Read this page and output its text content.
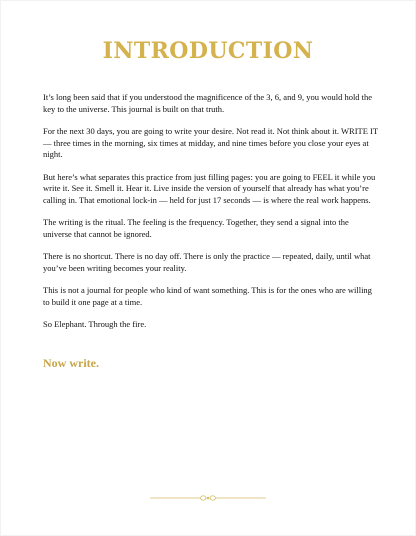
INTRODUCTION

It’s long been said that if you understood the magnificence of the 3, 6, and 9, you would hold the key to the universe. This journal is built on that truth.

For the next 30 days, you are going to write your desire. Not read it. Not think about it. WRITE IT — three times in the morning, six times at midday, and nine times before you close your eyes at night.

But here’s what separates this practice from just filling pages: you are going to FEEL it while you write it. See it. Smell it. Hear it. Live inside the version of yourself that already has what you’re calling in. That emotional lock-in — held for just 17 seconds — is where the real work happens.

The writing is the ritual. The feeling is the frequency. Together, they send a signal into the universe that cannot be ignored.

There is no shortcut. There is no day off. There is only the practice — repeated, daily, until what you’ve been writing becomes your reality.

This is not a journal for people who kind of want something. This is for the ones who are willing to build it one page at a time.

So Elephant. Through the fire.

Now write.
